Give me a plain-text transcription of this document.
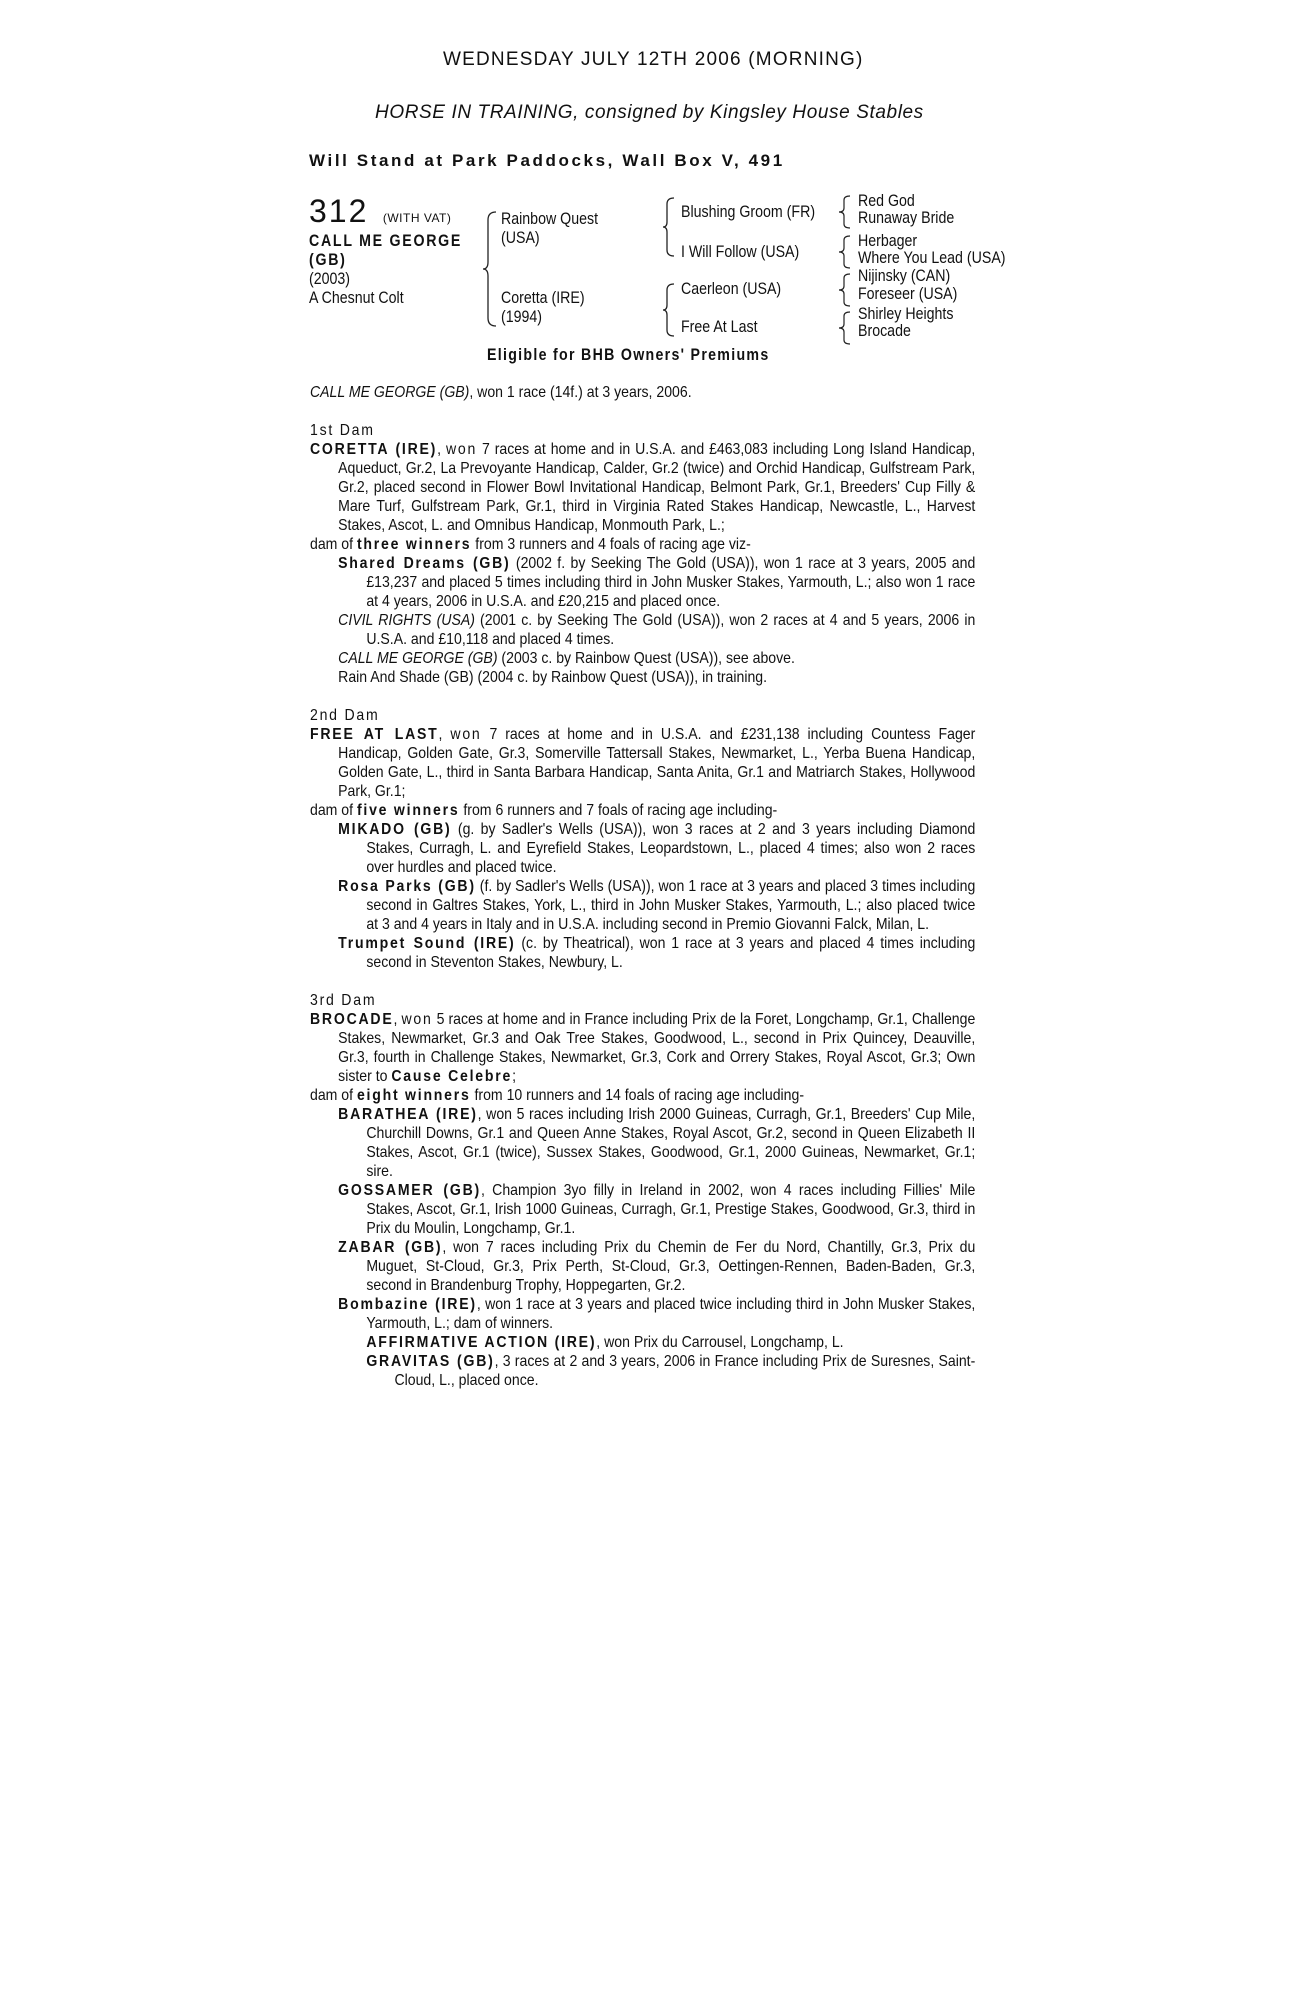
WEDNESDAY JULY 12TH 2006 (MORNING)
HORSE IN TRAINING, consigned by Kingsley House Stables
Will Stand at Park Paddocks, Wall Box V, 491
312 (WITH VAT)
CALL ME GEORGE
(GB)
(2003)
A Chesnut Colt
Rainbow Quest
(USA)
Coretta (IRE)
(1994)
Blushing Groom (FR)
I Will Follow (USA)
Caerleon (USA)
Free At Last
Red God
Runaway Bride
Herbager
Where You Lead (USA)
Nijinsky (CAN)
Foreseer (USA)
Shirley Heights
Brocade
Eligible for BHB Owners' Premiums

CALL ME GEORGE (GB), won 1 race (14f.) at 3 years, 2006.

1st Dam

CORETTA (IRE), won 7 races at home and in U.S.A. and £463,083 including Long Island Handicap, Aqueduct, Gr.2, La Prevoyante Handicap, Calder, Gr.2 (twice) and Orchid Handicap, Gulfstream Park, Gr.2, placed second in Flower Bowl Invitational Handicap, Belmont Park, Gr.1, Breeders' Cup Filly & Mare Turf, Gulfstream Park, Gr.1, third in Virginia Rated Stakes Handicap, Newcastle, L., Harvest Stakes, Ascot, L. and Omnibus Handicap, Monmouth Park, L.;

dam of three winners from 3 runners and 4 foals of racing age viz-

Shared Dreams (GB) (2002 f. by Seeking The Gold (USA)), won 1 race at 3 years, 2005 and £13,237 and placed 5 times including third in John Musker Stakes, Yarmouth, L.; also won 1 race at 4 years, 2006 in U.S.A. and £20,215 and placed once.

CIVIL RIGHTS (USA) (2001 c. by Seeking The Gold (USA)), won 2 races at 4 and 5 years, 2006 in U.S.A. and £10,118 and placed 4 times.

CALL ME GEORGE (GB) (2003 c. by Rainbow Quest (USA)), see above.

Rain And Shade (GB) (2004 c. by Rainbow Quest (USA)), in training.

2nd Dam

FREE AT LAST, won 7 races at home and in U.S.A. and £231,138 including Countess Fager Handicap, Golden Gate, Gr.3, Somerville Tattersall Stakes, Newmarket, L., Yerba Buena Handicap, Golden Gate, L., third in Santa Barbara Handicap, Santa Anita, Gr.1 and Matriarch Stakes, Hollywood Park, Gr.1;

dam of five winners from 6 runners and 7 foals of racing age including-

MIKADO (GB) (g. by Sadler's Wells (USA)), won 3 races at 2 and 3 years including Diamond Stakes, Curragh, L. and Eyrefield Stakes, Leopardstown, L., placed 4 times; also won 2 races over hurdles and placed twice.

Rosa Parks (GB) (f. by Sadler's Wells (USA)), won 1 race at 3 years and placed 3 times including second in Galtres Stakes, York, L., third in John Musker Stakes, Yarmouth, L.; also placed twice at 3 and 4 years in Italy and in U.S.A. including second in Premio Giovanni Falck, Milan, L.

Trumpet Sound (IRE) (c. by Theatrical), won 1 race at 3 years and placed 4 times including second in Steventon Stakes, Newbury, L.

3rd Dam

BROCADE, won 5 races at home and in France including Prix de la Foret, Longchamp, Gr.1, Challenge Stakes, Newmarket, Gr.3 and Oak Tree Stakes, Goodwood, L., second in Prix Quincey, Deauville, Gr.3, fourth in Challenge Stakes, Newmarket, Gr.3, Cork and Orrery Stakes, Royal Ascot, Gr.3; Own sister to Cause Celebre;

dam of eight winners from 10 runners and 14 foals of racing age including-

BARATHEA (IRE), won 5 races including Irish 2000 Guineas, Curragh, Gr.1, Breeders' Cup Mile, Churchill Downs, Gr.1 and Queen Anne Stakes, Royal Ascot, Gr.2, second in Queen Elizabeth II Stakes, Ascot, Gr.1 (twice), Sussex Stakes, Goodwood, Gr.1, 2000 Guineas, Newmarket, Gr.1; sire.

GOSSAMER (GB), Champion 3yo filly in Ireland in 2002, won 4 races including Fillies' Mile Stakes, Ascot, Gr.1, Irish 1000 Guineas, Curragh, Gr.1, Prestige Stakes, Goodwood, Gr.3, third in Prix du Moulin, Longchamp, Gr.1.

ZABAR (GB), won 7 races including Prix du Chemin de Fer du Nord, Chantilly, Gr.3, Prix du Muguet, St-Cloud, Gr.3, Prix Perth, St-Cloud, Gr.3, Oettingen-Rennen, Baden-Baden, Gr.3, second in Brandenburg Trophy, Hoppegarten, Gr.2.

Bombazine (IRE), won 1 race at 3 years and placed twice including third in John Musker Stakes, Yarmouth, L.; dam of winners.

AFFIRMATIVE ACTION (IRE), won Prix du Carrousel, Longchamp, L.

GRAVITAS (GB), 3 races at 2 and 3 years, 2006 in France including Prix de Suresnes, Saint-Cloud, L., placed once.
